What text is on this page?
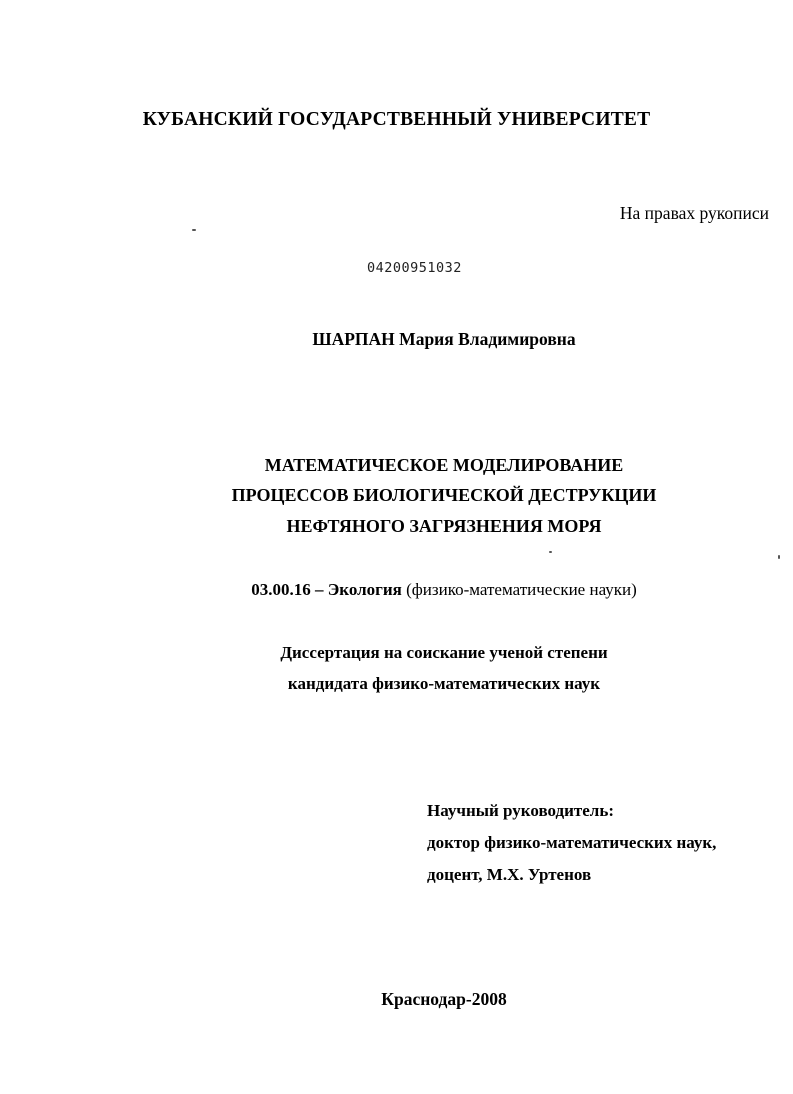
КУБАНСКИЙ ГОСУДАРСТВЕННЫЙ УНИВЕРСИТЕТ
На правах рукописи
04200951032
ШАРПАН Мария Владимировна
МАТЕМАТИЧЕСКОЕ МОДЕЛИРОВАНИЕ
ПРОЦЕССОВ БИОЛОГИЧЕСКОЙ ДЕСТРУКЦИИ
НЕФТЯНОГО ЗАГРЯЗНЕНИЯ МОРЯ
03.00.16 – Экология (физико-математические науки)
Диссертация на соискание ученой степени
кандидата физико-математических наук
Научный руководитель:
доктор физико-математических наук,
доцент, М.Х. Уртенов
Краснодар-2008
